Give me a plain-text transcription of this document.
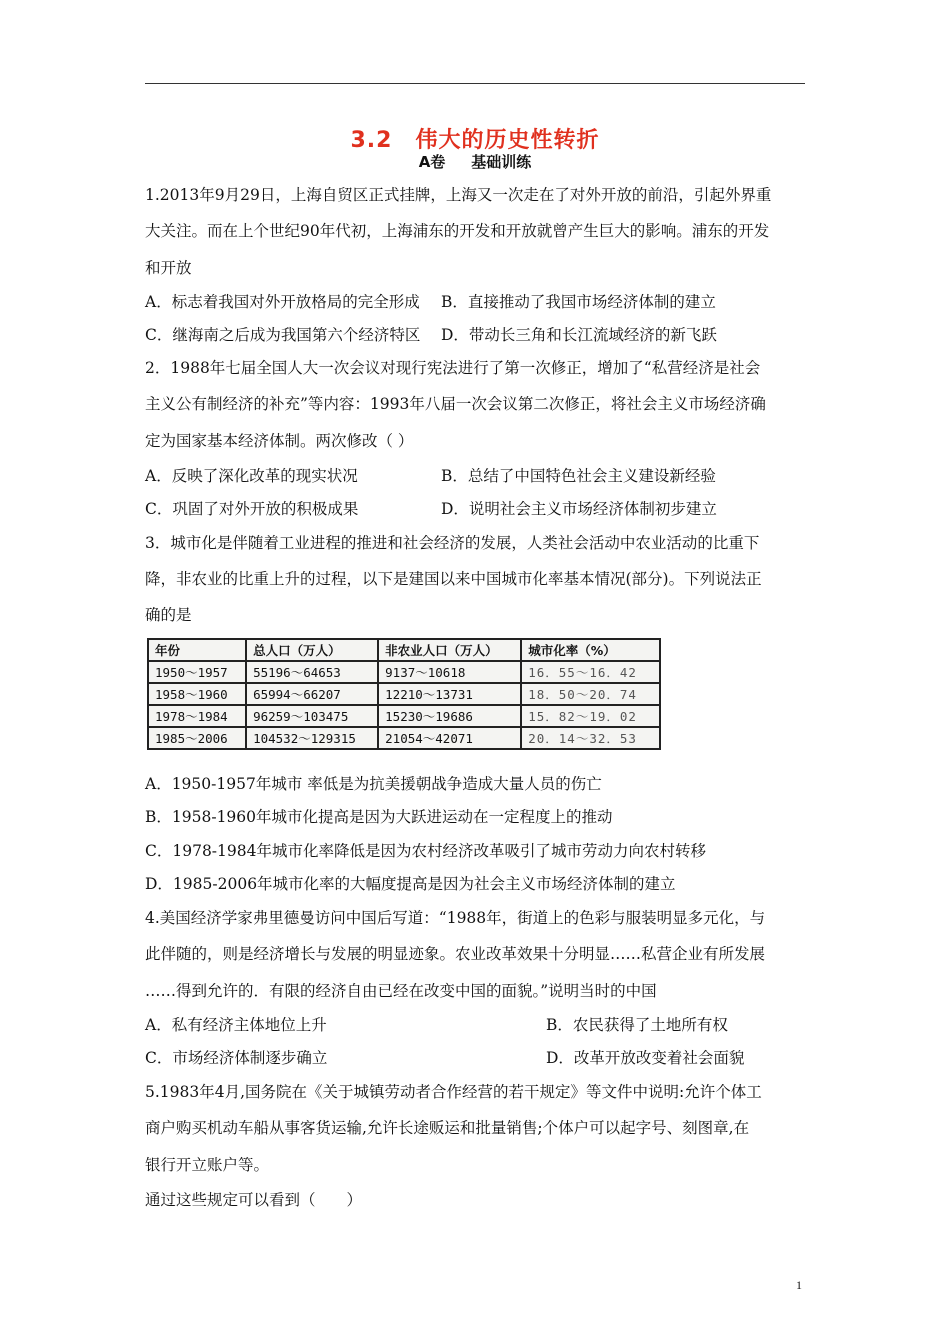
3.2　伟大的历史性转折
A卷 基础训练
1.2013年9月29日，上海自贸区正式挂牌，上海又一次走在了对外开放的前沿，引起外界重
大关注。而在上个世纪90年代初，上海浦东的开发和开放就曾产生巨大的影响。浦东的开发
和开放
A．标志着我国对外开放格局的完全形成 B．直接推动了我国市场经济体制的建立
C．继海南之后成为我国第六个经济特区 D．带动长三角和长江流域经济的新飞跃
2．1988年七届全国人大一次会议对现行宪法进行了第一次修正，增加了“私营经济是社会
主义公有制经济的补充”等内容：1993年八届一次会议第二次修正，将社会主义市场经济确
定为国家基本经济体制。两次修改（ ）
A．反映了深化改革的现实状况	B．总结了中国特色社会主义建设新经验
C．巩固了对外开放的积极成果	D．说明社会主义市场经济体制初步建立
3．城市化是伴随着工业进程的推进和社会经济的发展，人类社会活动中农业活动的比重下
降，非农业的比重上升的过程，以下是建国以来中国城市化率基本情况(部分)。下列说法正
确的是
年份	总人口（万人）	非农业人口（万人）	城市化率（%）
1950～1957	55196～64653	9137～10618	16．55～16．42
1958～1960	65994～66207	12210～13731	18．50～20．74
1978～1984	96259～103475	15230～19686	15．82～19．02
1985～2006	104532～129315	21054～42071	20．14～32．53
A．1950-1957年城市 率低是为抗美援朝战争造成大量人员的伤亡
B．1958-1960年城市化提高是因为大跃进运动在一定程度上的推动
C．1978-1984年城市化率降低是因为农村经济改革吸引了城市劳动力向农村转移
D．1985-2006年城市化率的大幅度提高是因为社会主义市场经济体制的建立
4.美国经济学家弗里德曼访问中国后写道：“1988年，街道上的色彩与服装明显多元化，与
此伴随的，则是经济增长与发展的明显迹象。农业改革效果十分明显……私营企业有所发展
……得到允许的．有限的经济自由已经在改变中国的面貌。”说明当时的中国
A．私有经济主体地位上升	B．农民获得了土地所有权
C．市场经济体制逐步确立	D．改革开放改变着社会面貌
5.1983年4月,国务院在《关于城镇劳动者合作经营的若干规定》等文件中说明:允许个体工
商户购买机动车船从事客货运输,允许长途贩运和批量销售;个体户可以起字号、刻图章,在
银行开立账户等。
通过这些规定可以看到（　　）
1
